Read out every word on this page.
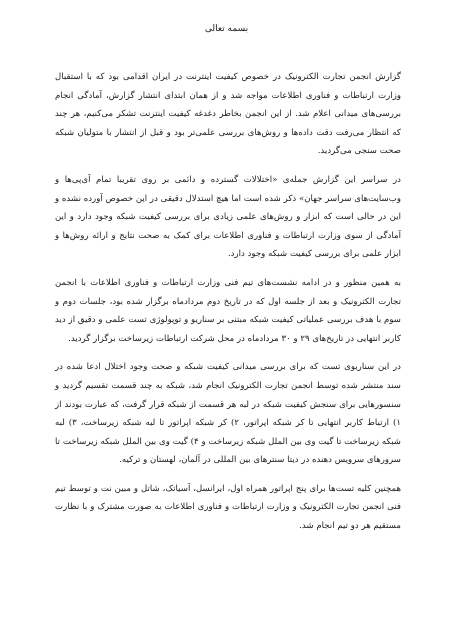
بسمه تعالی

گزارش انجمن تجارت الکترونیک در خصوص کیفیت اینترنت در ایران اقدامی بود که با استقبال وزارت ارتباطات و فناوری اطلاعات مواجه شد و از همان ابتدای انتشار گزارش، آمادگی انجام بررسی‌های میدانی اعلام شد. از این انجمن بخاطر دغدغه کیفیت اینترنت تشکر می‌کنیم، هر چند که انتظار می‌رفت دقت داده‌ها و روش‌های بررسی علمی‌تر بود و قبل از انتشار با متولیان شبکه صحت سنجی می‌گردید.

در سراسر این گزارش جمله‌ی «اختلالات گسترده و دائمی بر روی تقریبا تمام آی‌پی‌ها و وب‌سایت‌های سراسر جهان» ذکر شده است اما هیچ استدلال دقیقی در این خصوص آورده نشده و این در حالی است که ابزار و روش‌های علمی زیادی برای بررسی کیفیت شبکه وجود دارد و این آمادگی از سوی وزارت ارتباطات و فناوری اطلاعات برای کمک به صحت نتایج و ارائه روش‌ها و ابزار علمی برای بررسی کیفیت شبکه وجود دارد.

به همین منظور و در ادامه نشست‌های تیم فنی وزارت ارتباطات و فناوری اطلاعات با انجمن تجارت الکترونیک و بعد از جلسه اول که در تاریخ دوم مردادماه برگزار شده بود، جلسات دوم و سوم با هدف بررسی عملیاتی کیفیت شبکه مبتنی بر سناریو و توپولوژی تست علمی و دقیق از دید کاربر انتهایی در تاریخ‌های ۲۹ و ۳۰ مردادماه در محل شرکت ارتباطات زیرساخت برگزار گردید.

در این سناریوی تست که برای بررسی میدانی کیفیت شبکه و صحت وجود اختلال ادعا شده در سند منتشر شده توسط انجمن تجارت الکترونیک انجام شد، شبکه به چند قسمت تقسیم گردید و سنسورهایی برای سنجش کیفیت شبکه در لبه هر قسمت از شبکه قرار گرفت، که عبارت بودند از ۱) ارتباط کاربر انتهایی تا کر شبکه اپراتور، ۲) کر شبکه اپراتور تا لبه شبکه زیرساخت، ۳) لبه شبکه زیرساخت تا گیت وی بین الملل شبکه زیرساخت و ۴) گیت وی بین الملل شبکه زیرساخت تا سرورهای سرویس دهنده در دیتا سنترهای بین المللی در آلمان، لهستان و ترکیه.

همچنین کلیه تست‌ها برای پنج اپراتور همراه اول، ایرانسل، آسیاتک، شاتل و مبین نت و توسط تیم فنی انجمن تجارت الکترونیک و وزارت ارتباطات و فناوری اطلاعات به صورت مشترک و با نظارت مستقیم هر دو تیم انجام شد.
